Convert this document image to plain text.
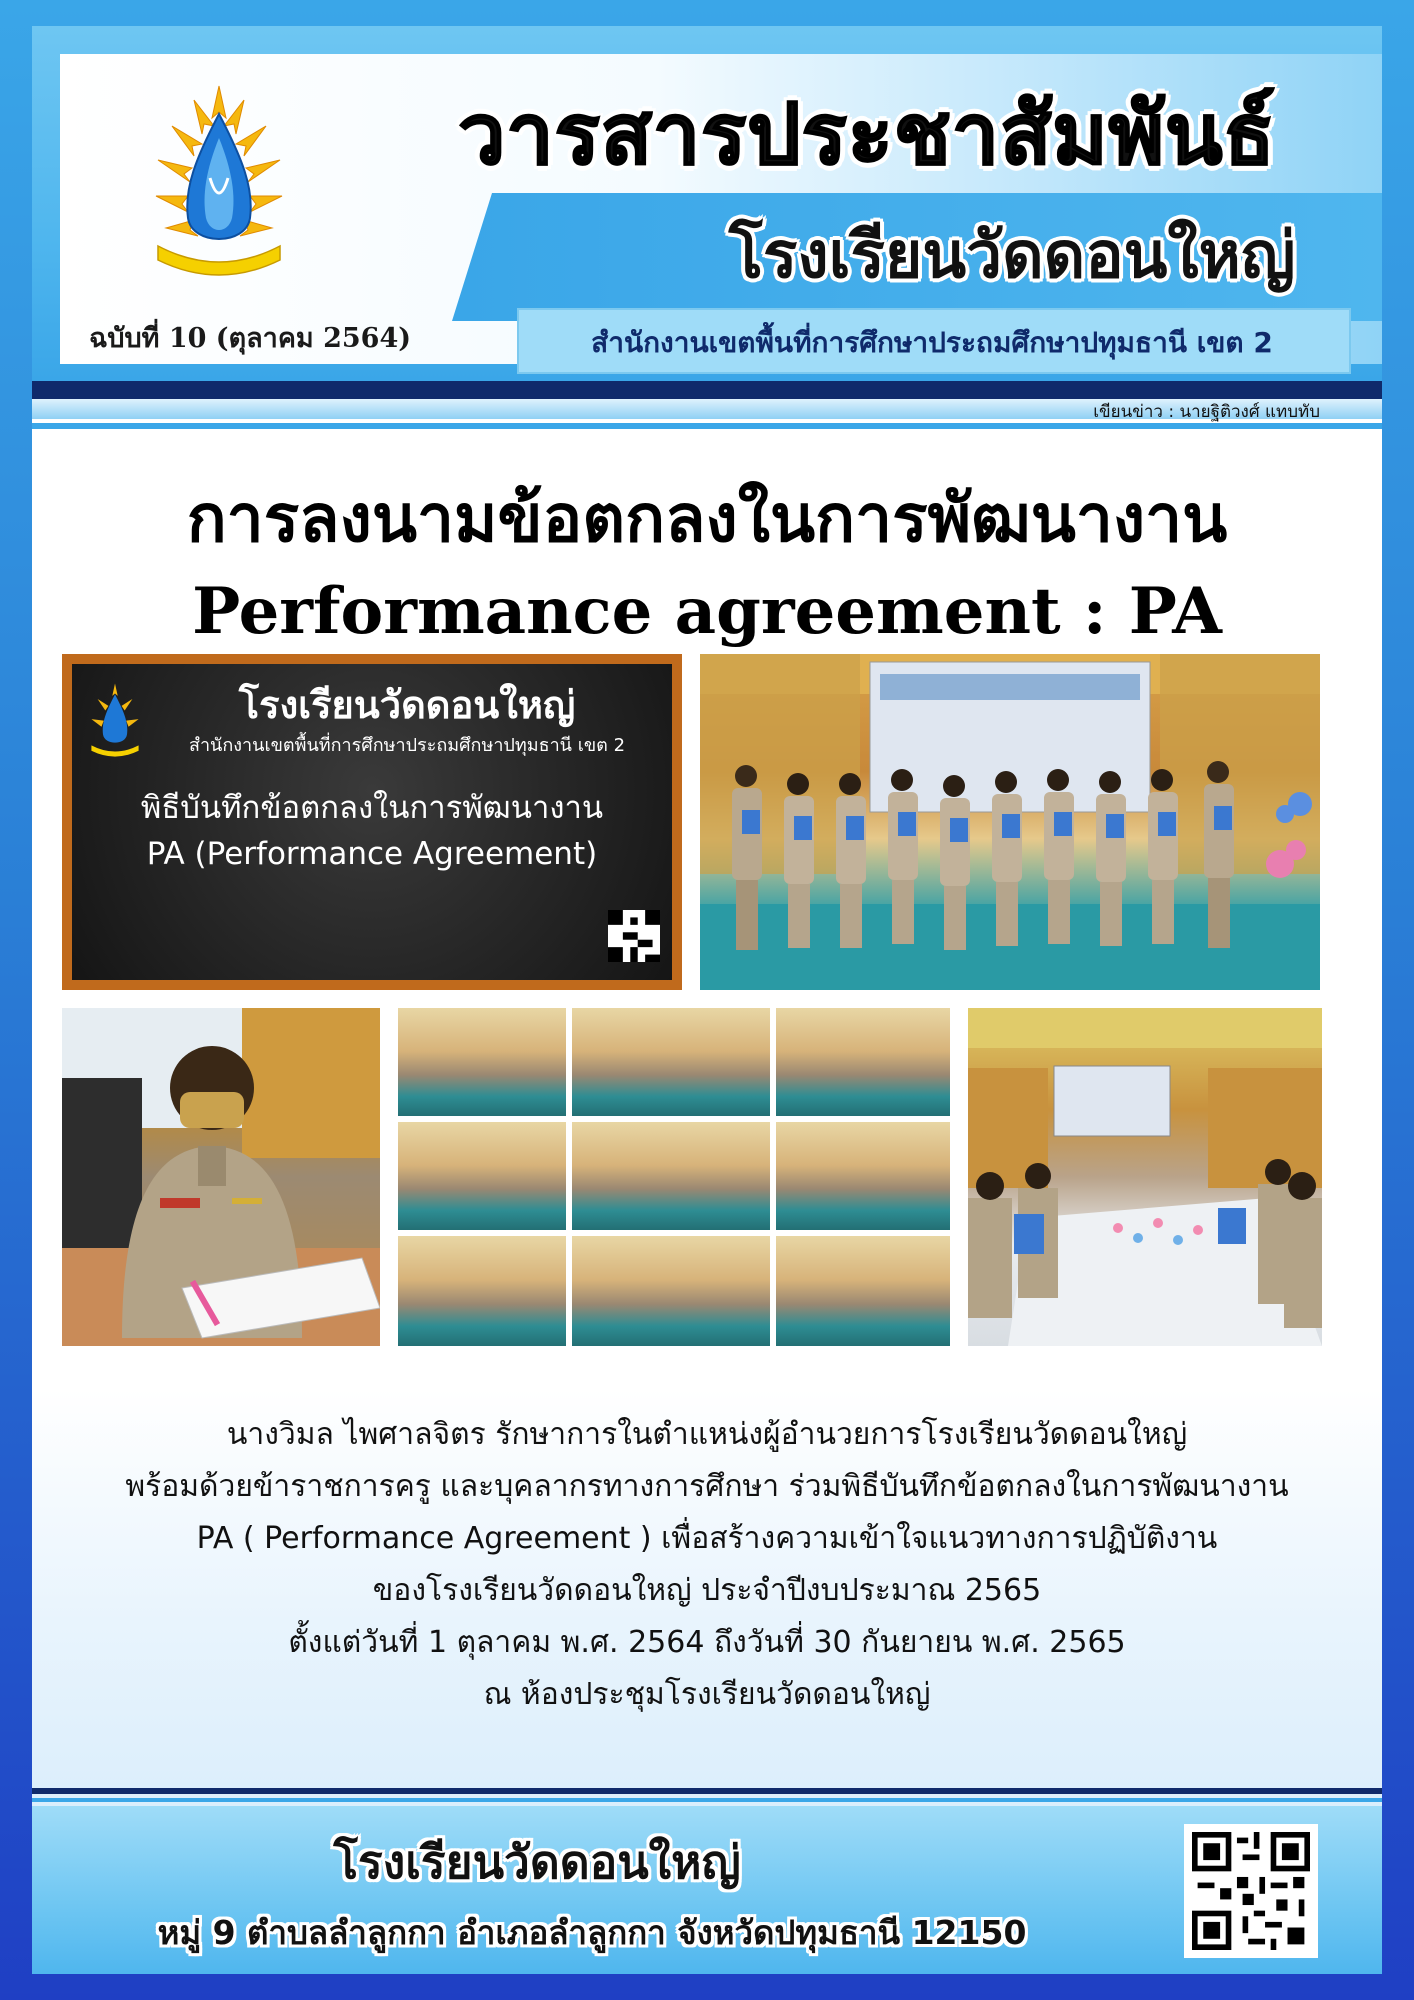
ฉบับที่ 10 (ตุลาคม 2564)
วารสารประชาสัมพันธ์
โรงเรียนวัดดอนใหญ่
สำนักงานเขตพื้นที่การศึกษาประถมศึกษาปทุมธานี เขต 2
เขียนข่าว : นายฐิติวงศ์ แทบทับ
การลงนามข้อตกลงในการพัฒนางาน
Performance agreement : PA
โรงเรียนวัดดอนใหญ่
สำนักงานเขตพื้นที่การศึกษาประถมศึกษาปทุมธานี เขต 2
พิธีบันทึกข้อตกลงในการพัฒนางาน
PA (Performance Agreement)
นางวิมล ไพศาลจิตร รักษาการในตำแหน่งผู้อำนวยการโรงเรียนวัดดอนใหญ่
พร้อมด้วยข้าราชการครู และบุคลากรทางการศึกษา ร่วมพิธีบันทึกข้อตกลงในการพัฒนางาน
PA ( Performance Agreement ) เพื่อสร้างความเข้าใจแนวทางการปฏิบัติงาน
ของโรงเรียนวัดดอนใหญ่ ประจำปีงบประมาณ 2565
ตั้งแต่วันที่ 1 ตุลาคม พ.ศ. 2564 ถึงวันที่ 30 กันยายน พ.ศ. 2565
ณ ห้องประชุมโรงเรียนวัดดอนใหญ่
โรงเรียนวัดดอนใหญ่
หมู่ 9 ตำบลลำลูกกา อำเภอลำลูกกา จังหวัดปทุมธานี 12150
